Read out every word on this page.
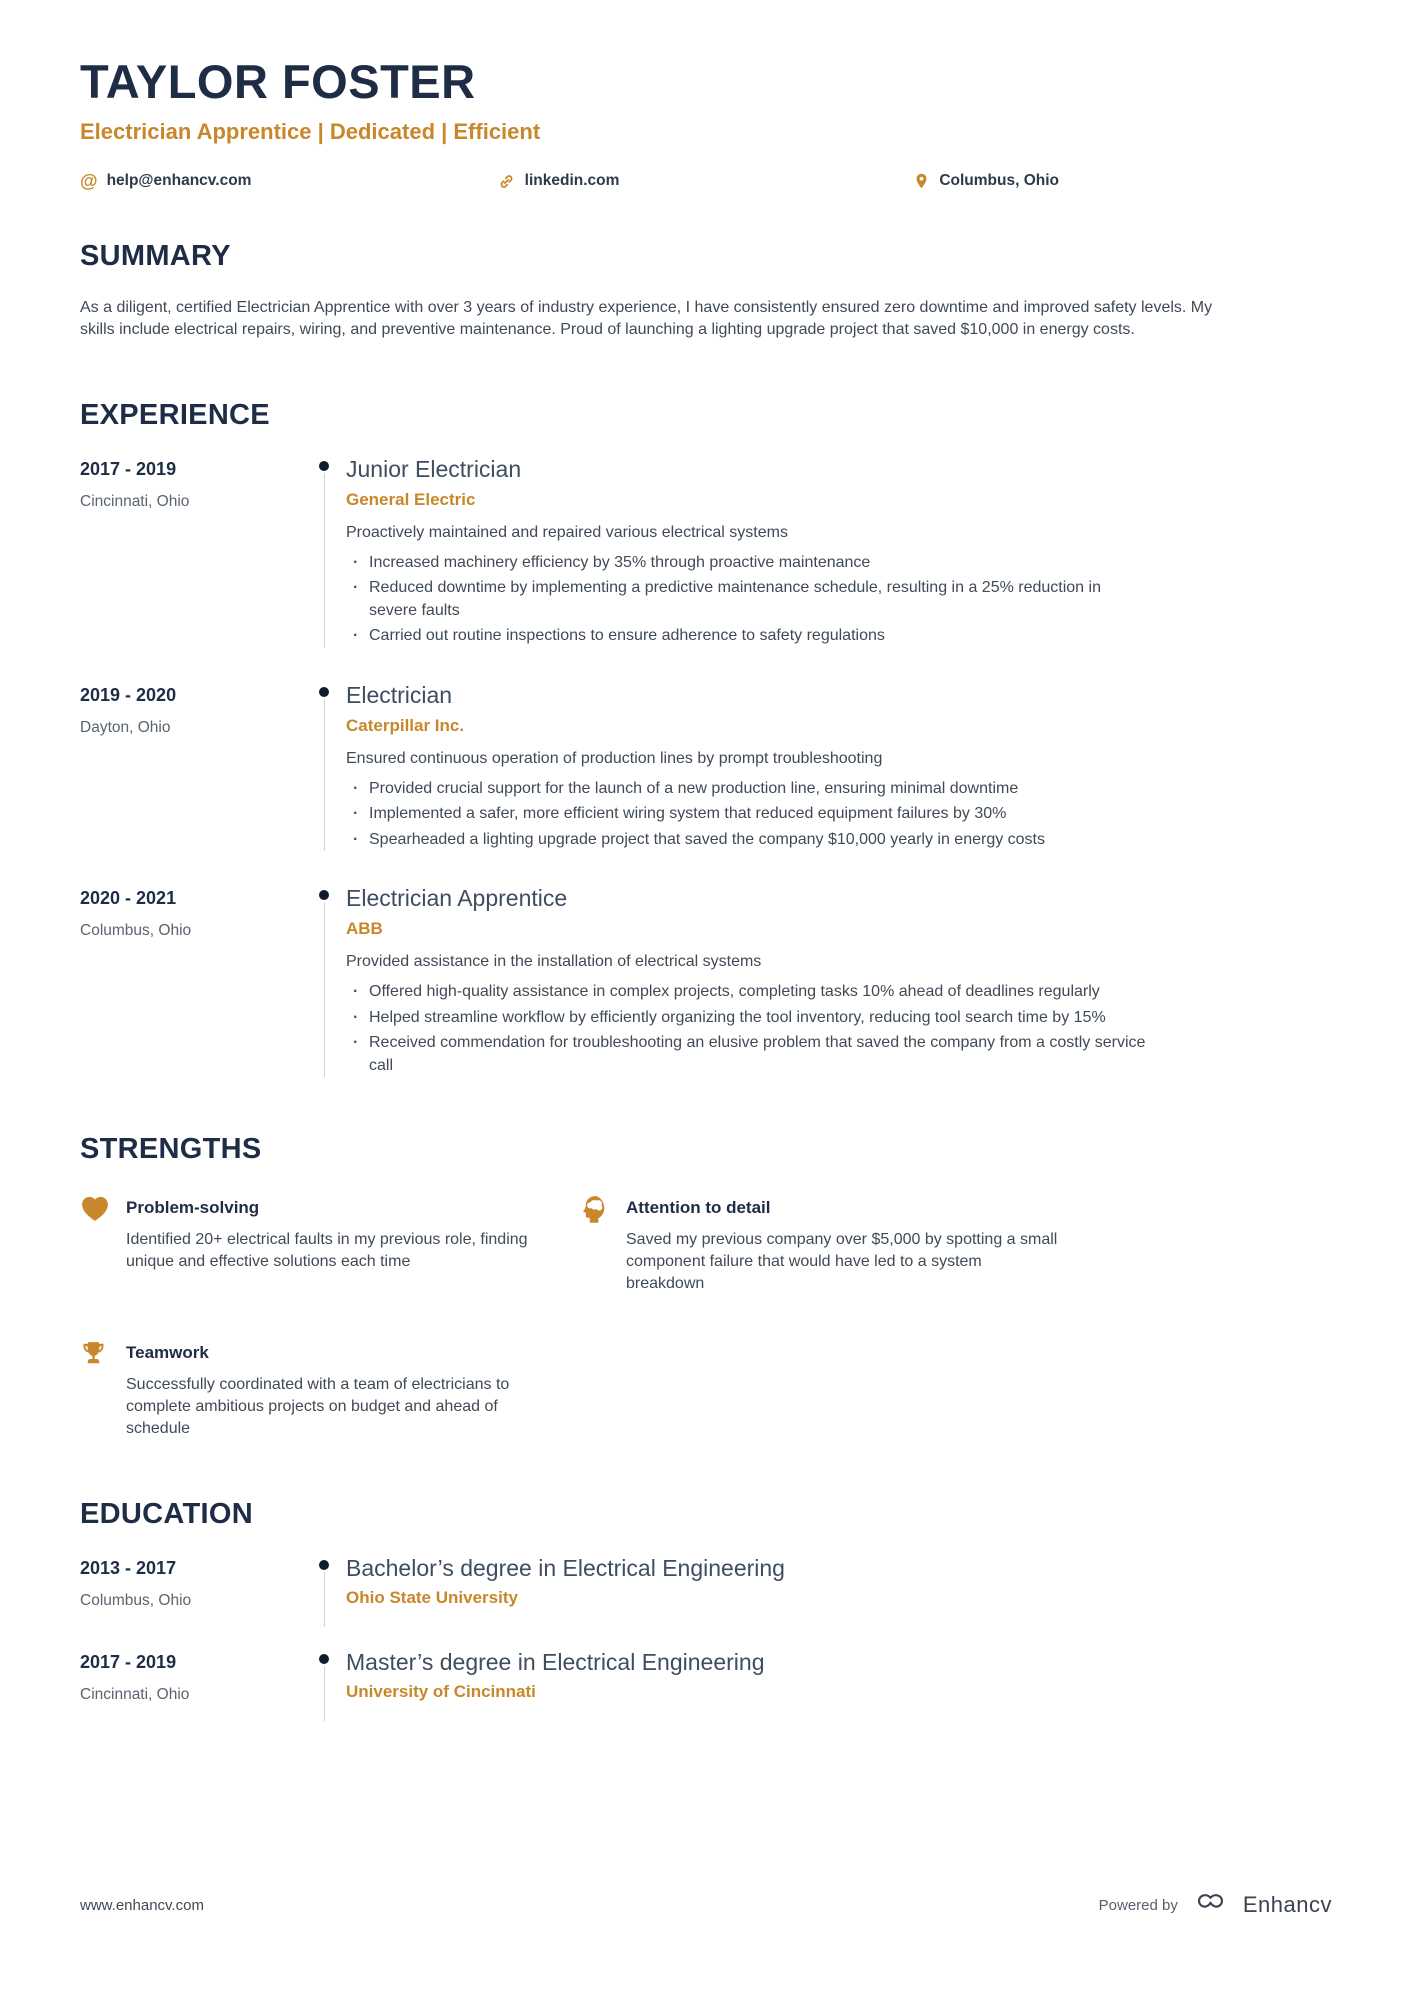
TAYLOR FOSTER
Electrician Apprentice | Dedicated | Efficient
@ help@enhancv.com	linkedin.com	Columbus, Ohio
SUMMARY
As a diligent, certified Electrician Apprentice with over 3 years of industry experience, I have consistently ensured zero downtime and improved safety levels. My skills include electrical repairs, wiring, and preventive maintenance. Proud of launching a lighting upgrade project that saved $10,000 in energy costs.
EXPERIENCE
2017 - 2019
Cincinnati, Ohio
Junior Electrician
General Electric
Proactively maintained and repaired various electrical systems
· Increased machinery efficiency by 35% through proactive maintenance
· Reduced downtime by implementing a predictive maintenance schedule, resulting in a 25% reduction in severe faults
· Carried out routine inspections to ensure adherence to safety regulations
2019 - 2020
Dayton, Ohio
Electrician
Caterpillar Inc.
Ensured continuous operation of production lines by prompt troubleshooting
· Provided crucial support for the launch of a new production line, ensuring minimal downtime
· Implemented a safer, more efficient wiring system that reduced equipment failures by 30%
· Spearheaded a lighting upgrade project that saved the company $10,000 yearly in energy costs
2020 - 2021
Columbus, Ohio
Electrician Apprentice
ABB
Provided assistance in the installation of electrical systems
· Offered high-quality assistance in complex projects, completing tasks 10% ahead of deadlines regularly
· Helped streamline workflow by efficiently organizing the tool inventory, reducing tool search time by 15%
· Received commendation for troubleshooting an elusive problem that saved the company from a costly service call
STRENGTHS
Problem-solving
Identified 20+ electrical faults in my previous role, finding unique and effective solutions each time
Attention to detail
Saved my previous company over $5,000 by spotting a small component failure that would have led to a system breakdown
Teamwork
Successfully coordinated with a team of electricians to complete ambitious projects on budget and ahead of schedule
EDUCATION
2013 - 2017
Columbus, Ohio
Bachelor’s degree in Electrical Engineering
Ohio State University
2017 - 2019
Cincinnati, Ohio
Master’s degree in Electrical Engineering
University of Cincinnati
www.enhancv.com	Powered by	Enhancv
